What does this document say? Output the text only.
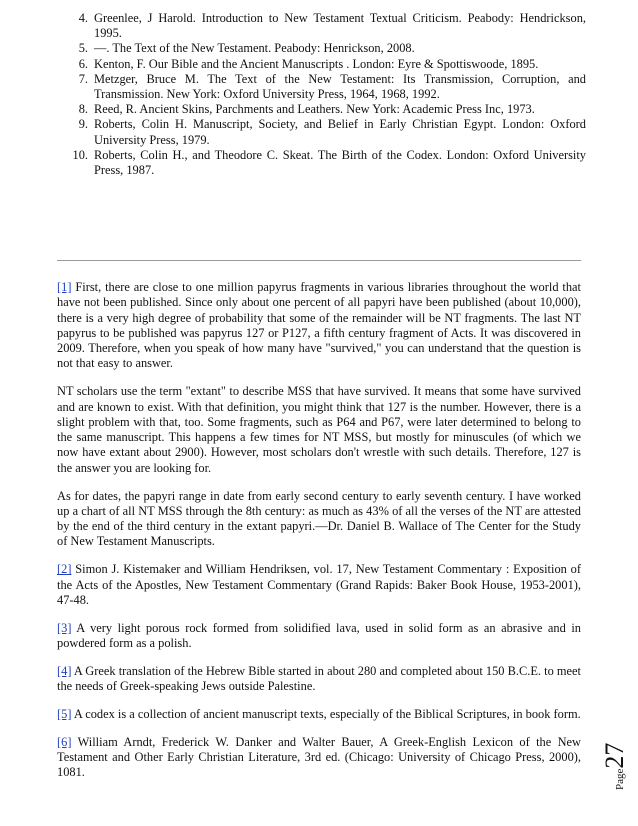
4. Greenlee, J Harold. Introduction to New Testament Textual Criticism. Peabody: Hendrickson, 1995.
5. —. The Text of the New Testament. Peabody: Henrickson, 2008.
6. Kenton, F. Our Bible and the Ancient Manuscripts . London: Eyre & Spottiswoode, 1895.
7. Metzger, Bruce M. The Text of the New Testament: Its Transmission, Corruption, and Transmission. New York: Oxford University Press, 1964, 1968, 1992.
8. Reed, R. Ancient Skins, Parchments and Leathers. New York: Academic Press Inc, 1973.
9. Roberts, Colin H. Manuscript, Society, and Belief in Early Christian Egypt. London: Oxford University Press, 1979.
10. Roberts, Colin H., and Theodore C. Skeat. The Birth of the Codex. London: Oxford University Press, 1987.

[1] First, there are close to one million papyrus fragments in various libraries throughout the world that have not been published. Since only about one percent of all papyri have been published (about 10,000), there is a very high degree of probability that some of the remainder will be NT fragments. The last NT papyrus to be published was papyrus 127 or P127, a fifth century fragment of Acts. It was discovered in 2009. Therefore, when you speak of how many have "survived," you can understand that the question is not that easy to answer.

NT scholars use the term "extant" to describe MSS that have survived. It means that some have survived and are known to exist. With that definition, you might think that 127 is the number. However, there is a slight problem with that, too. Some fragments, such as P64 and P67, were later determined to belong to the same manuscript. This happens a few times for NT MSS, but mostly for minuscules (of which we now have extant about 2900). However, most scholars don't wrestle with such details. Therefore, 127 is the answer you are looking for.

As for dates, the papyri range in date from early second century to early seventh century. I have worked up a chart of all NT MSS through the 8th century: as much as 43% of all the verses of the NT are attested by the end of the third century in the extant papyri.—Dr. Daniel B. Wallace of The Center for the Study of New Testament Manuscripts.

[2] Simon J. Kistemaker and William Hendriksen, vol. 17, New Testament Commentary : Exposition of the Acts of the Apostles, New Testament Commentary (Grand Rapids: Baker Book House, 1953-2001), 47-48.

[3] A very light porous rock formed from solidified lava, used in solid form as an abrasive and in powdered form as a polish.

[4] A Greek translation of the Hebrew Bible started in about 280 and completed about 150 B.C.E. to meet the needs of Greek-speaking Jews outside Palestine.

[5] A codex is a collection of ancient manuscript texts, especially of the Biblical Scriptures, in book form.

[6] William Arndt, Frederick W. Danker and Walter Bauer, A Greek-English Lexicon of the New Testament and Other Early Christian Literature, 3rd ed. (Chicago: University of Chicago Press, 2000), 1081.	Page27
